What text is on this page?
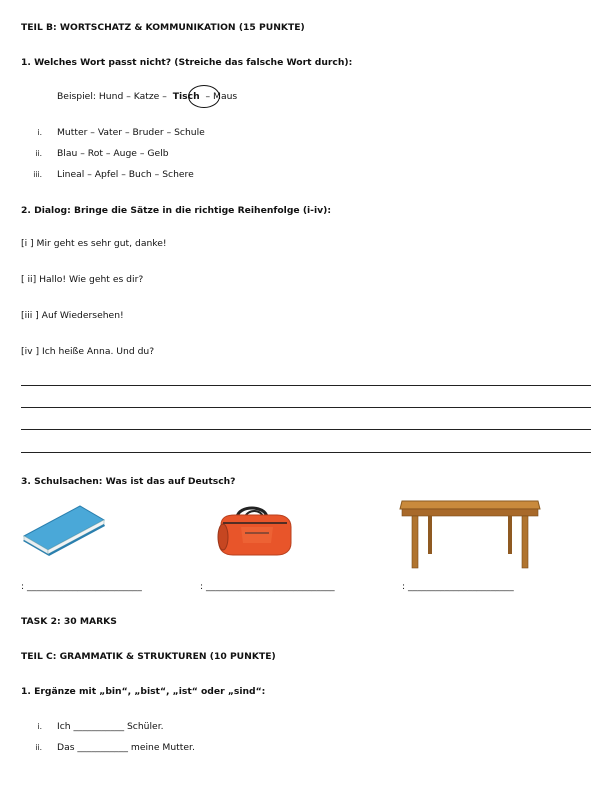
TEIL B: WORTSCHATZ & KOMMUNIKATION (15 PUNKTE)
1. Welches Wort passt nicht? (Streiche das falsche Wort durch):
Beispiel: Hund – Katze – Tisch – Maus
i. Mutter – Vater – Bruder – Schule
ii. Blau – Rot – Auge – Gelb
iii. Lineal – Apfel – Buch – Schere
2. Dialog: Bringe die Sätze in die richtige Reihenfolge (i-iv):
[i ] Mir geht es sehr gut, danke!
[ ii] Hallo! Wie geht es dir?
[iii ] Auf Wiedersehen!
[iv ] Ich heiße Anna. Und du?
3. Schulsachen: Was ist das auf Deutsch?
: _________________________	: ____________________________	: _______________________
TASK 2: 30 MARKS
TEIL C: GRAMMATIK & STRUKTUREN (10 PUNKTE)
1. Ergänze mit „bin“, „bist“, „ist“ oder „sind“:
i. Ich ___________ Schüler.
ii. Das ___________ meine Mutter.
